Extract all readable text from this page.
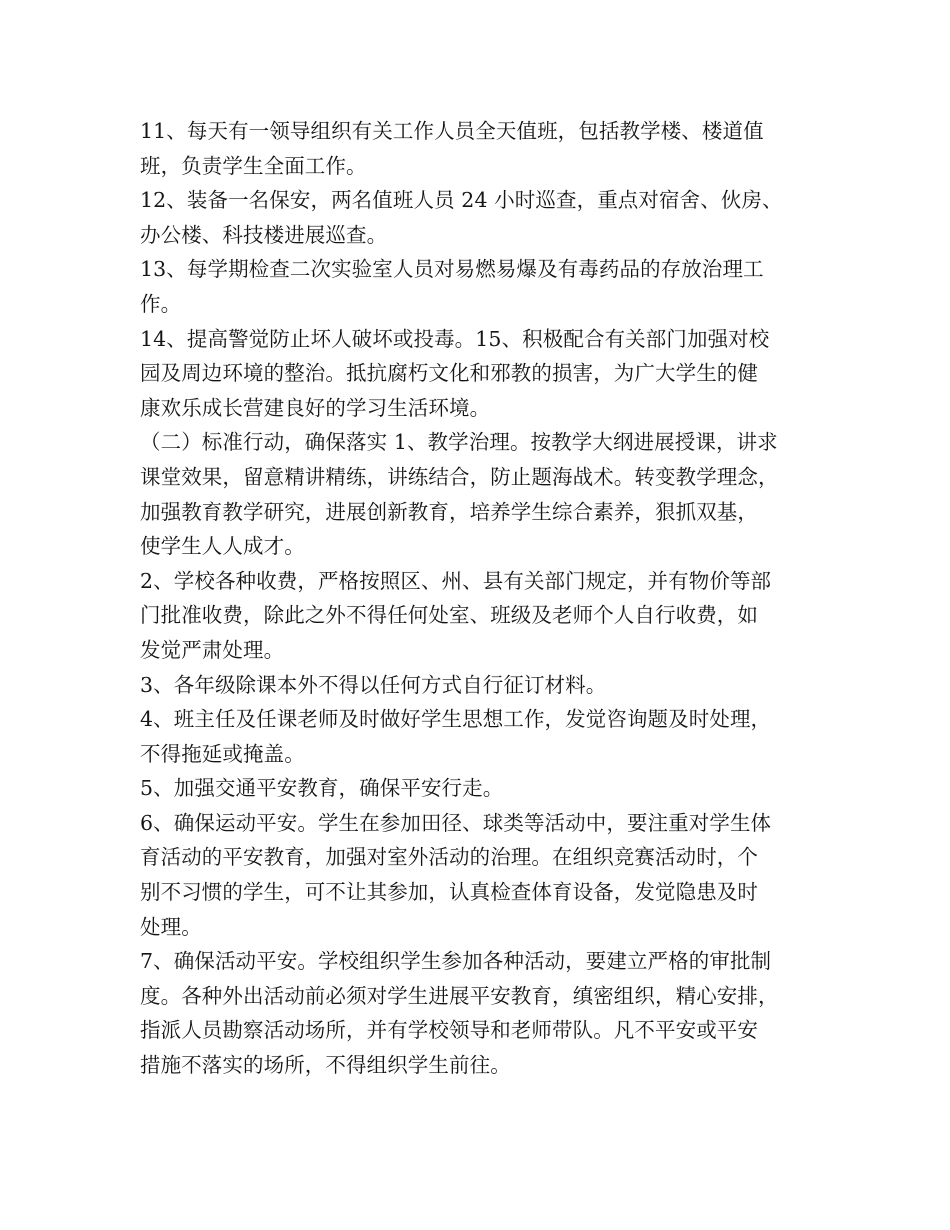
11、每天有一领导组织有关工作人员全天值班，包括教学楼、楼道值
班，负责学生全面工作。
12、装备一名保安，两名值班人员 24 小时巡查，重点对宿舍、伙房、
办公楼、科技楼进展巡查。
13、每学期检查二次实验室人员对易燃易爆及有毒药品的存放治理工
作。
14、提高警觉防止坏人破坏或投毒。15、积极配合有关部门加强对校
园及周边环境的整治。抵抗腐朽文化和邪教的损害，为广大学生的健
康欢乐成长营建良好的学习生活环境。
（二）标准行动，确保落实 1、教学治理。按教学大纲进展授课，讲求
课堂效果，留意精讲精练，讲练结合，防止题海战术。转变教学理念，
加强教育教学研究，进展创新教育，培养学生综合素养，狠抓双基，
使学生人人成才。
2、学校各种收费，严格按照区、州、县有关部门规定，并有物价等部
门批准收费，除此之外不得任何处室、班级及老师个人自行收费，如
发觉严肃处理。
3、各年级除课本外不得以任何方式自行征订材料。
4、班主任及任课老师及时做好学生思想工作，发觉咨询题及时处理，
不得拖延或掩盖。
5、加强交通平安教育，确保平安行走。
6、确保运动平安。学生在参加田径、球类等活动中，要注重对学生体
育活动的平安教育，加强对室外活动的治理。在组织竞赛活动时，个
别不习惯的学生，可不让其参加，认真检查体育设备，发觉隐患及时
处理。
7、确保活动平安。学校组织学生参加各种活动，要建立严格的审批制
度。各种外出活动前必须对学生进展平安教育，缜密组织，精心安排，
指派人员勘察活动场所，并有学校领导和老师带队。凡不平安或平安
措施不落实的场所，不得组织学生前往。
